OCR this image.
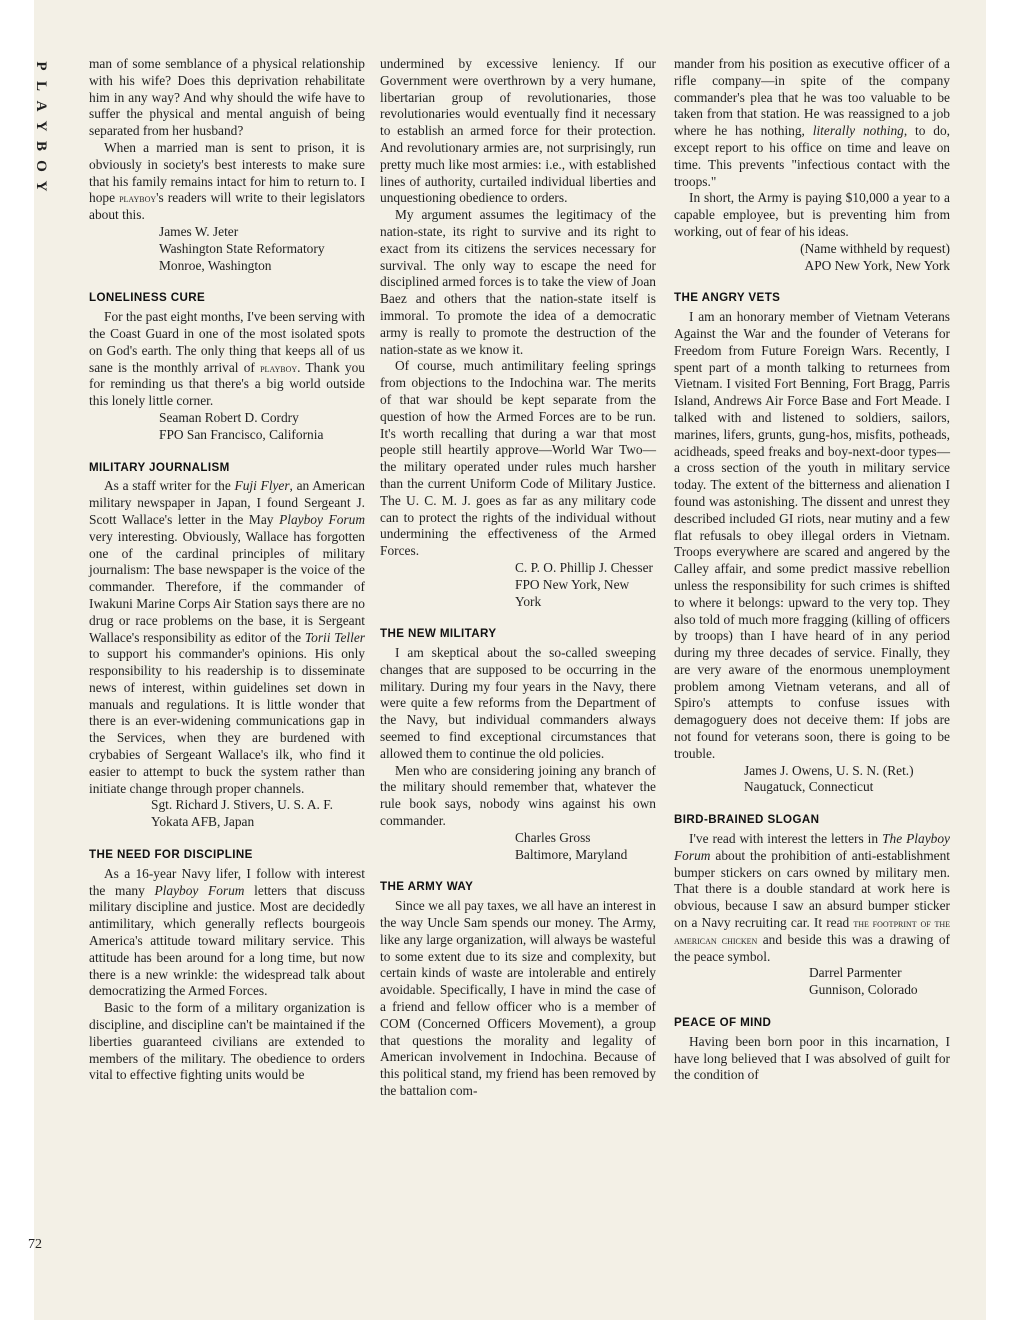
P
L
A
Y
B
O
Y
72

man of some semblance of a physical relationship with his wife? Does this deprivation rehabilitate him in any way? And why should the wife have to suffer the physical and mental anguish of being separated from her husband?

When a married man is sent to prison, it is obviously in society's best interests to make sure that his family remains intact for him to return to. I hope playboy's readers will write to their legislators about this.

James W. Jeter
Washington State Reformatory
Monroe, Washington
LONELINESS CURE

For the past eight months, I've been serving with the Coast Guard in one of the most isolated spots on God's earth. The only thing that keeps all of us sane is the monthly arrival of playboy. Thank you for reminding us that there's a big world outside this lonely little corner.

Seaman Robert D. Cordry
FPO San Francisco, California
MILITARY JOURNALISM

As a staff writer for the Fuji Flyer, an American military newspaper in Japan, I found Sergeant J. Scott Wallace's letter in the May Playboy Forum very interesting. Obviously, Wallace has forgotten one of the cardinal principles of military journalism: The base newspaper is the voice of the commander. Therefore, if the commander of Iwakuni Marine Corps Air Station says there are no drug or race problems on the base, it is Sergeant Wallace's responsibility as editor of the Torii Teller to support his commander's opinions. His only responsibility to his readership is to disseminate news of interest, within guidelines set down in manuals and regulations. It is little wonder that there is an ever-widening communications gap in the Services, when they are burdened with crybabies of Sergeant Wallace's ilk, who find it easier to attempt to buck the system rather than initiate change through proper channels.

Sgt. Richard J. Stivers, U. S. A. F.
Yokata AFB, Japan
THE NEED FOR DISCIPLINE

As a 16-year Navy lifer, I follow with interest the many Playboy Forum letters that discuss military discipline and justice. Most are decidedly antimilitary, which generally reflects bourgeois America's attitude toward military service. This attitude has been around for a long time, but now there is a new wrinkle: the widespread talk about democratizing the Armed Forces.

Basic to the form of a military organization is discipline, and discipline can't be maintained if the liberties guaranteed civilians are extended to members of the military. The obedience to orders vital to effective fighting units would be

undermined by excessive leniency. If our Government were overthrown by a very humane, libertarian group of revolutionaries, those revolutionaries would eventually find it necessary to establish an armed force for their protection. And revolutionary armies are, not surprisingly, run pretty much like most armies: i.e., with established lines of authority, curtailed individual liberties and unquestioning obedience to orders.

My argument assumes the legitimacy of the nation-state, its right to survive and its right to exact from its citizens the services necessary for survival. The only way to escape the need for disciplined armed forces is to take the view of Joan Baez and others that the nation-state itself is immoral. To promote the idea of a democratic army is really to promote the destruction of the nation-state as we know it.

Of course, much antimilitary feeling springs from objections to the Indochina war. The merits of that war should be kept separate from the question of how the Armed Forces are to be run. It's worth recalling that during a war that most people still heartily approve—World War Two—the military operated under rules much harsher than the current Uniform Code of Military Justice. The U. C. M. J. goes as far as any military code can to protect the rights of the individual without undermining the effectiveness of the Armed Forces.

C. P. O. Phillip J. Chesser
FPO New York, New York
THE NEW MILITARY

I am skeptical about the so-called sweeping changes that are supposed to be occurring in the military. During my four years in the Navy, there were quite a few reforms from the Department of the Navy, but individual commanders always seemed to find exceptional circumstances that allowed them to continue the old policies.

Men who are considering joining any branch of the military should remember that, whatever the rule book says, nobody wins against his own commander.

Charles Gross
Baltimore, Maryland
THE ARMY WAY

Since we all pay taxes, we all have an interest in the way Uncle Sam spends our money. The Army, like any large organization, will always be wasteful to some extent due to its size and complexity, but certain kinds of waste are intolerable and entirely avoidable. Specifically, I have in mind the case of a friend and fellow officer who is a member of COM (Concerned Officers Movement), a group that questions the morality and legality of American involvement in Indochina. Because of this political stand, my friend has been removed by the battalion com-

mander from his position as executive officer of a rifle company—in spite of the company commander's plea that he was too valuable to be taken from that station. He was reassigned to a job where he has nothing, literally nothing, to do, except report to his office on time and leave on time. This prevents "infectious contact with the troops."

In short, the Army is paying $10,000 a year to a capable employee, but is preventing him from working, out of fear of his ideas.

(Name withheld by request)
APO New York, New York
THE ANGRY VETS

I am an honorary member of Vietnam Veterans Against the War and the founder of Veterans for Freedom from Future Foreign Wars. Recently, I spent part of a month talking to returnees from Vietnam. I visited Fort Benning, Fort Bragg, Parris Island, Andrews Air Force Base and Fort Meade. I talked with and listened to soldiers, sailors, marines, lifers, grunts, gung-hos, misfits, potheads, acidheads, speed freaks and boy-next-door types—a cross section of the youth in military service today. The extent of the bitterness and alienation I found was astonishing. The dissent and unrest they described included GI riots, near mutiny and a few flat refusals to obey illegal orders in Vietnam. Troops everywhere are scared and angered by the Calley affair, and some predict massive rebellion unless the responsibility for such crimes is shifted to where it belongs: upward to the very top. They also told of much more fragging (killing of officers by troops) than I have heard of in any period during my three decades of service. Finally, they are very aware of the enormous unemployment problem among Vietnam veterans, and all of Spiro's attempts to confuse issues with demagoguery does not deceive them: If jobs are not found for veterans soon, there is going to be trouble.

James J. Owens, U. S. N. (Ret.)
Naugatuck, Connecticut
BIRD-BRAINED SLOGAN

I've read with interest the letters in The Playboy Forum about the prohibition of anti-establishment bumper stickers on cars owned by military men. That there is a double standard at work here is obvious, because I saw an absurd bumper sticker on a Navy recruiting car. It read the footprint of the american chicken and beside this was a drawing of the peace symbol.

Darrel Parmenter
Gunnison, Colorado
PEACE OF MIND

Having been born poor in this incarnation, I have long believed that I was absolved of guilt for the condition of
